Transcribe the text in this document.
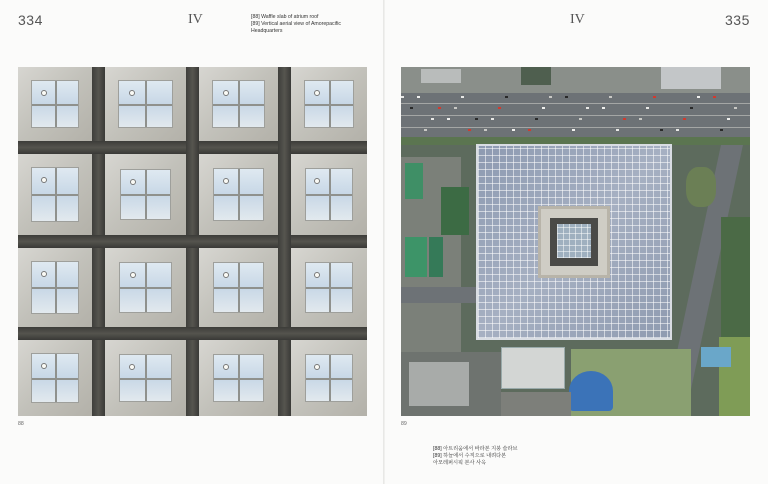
334	IV	[88] Waffle slab of atrium roof
[89] Vertical aerial view of Amorepacific
Headquarters
88
IV	335
89
[88] 아트리움에서 바라본 지붕 슬라브
[89] 하늘에서 수직으로 내려다본
아모레퍼시픽 본사 사옥
